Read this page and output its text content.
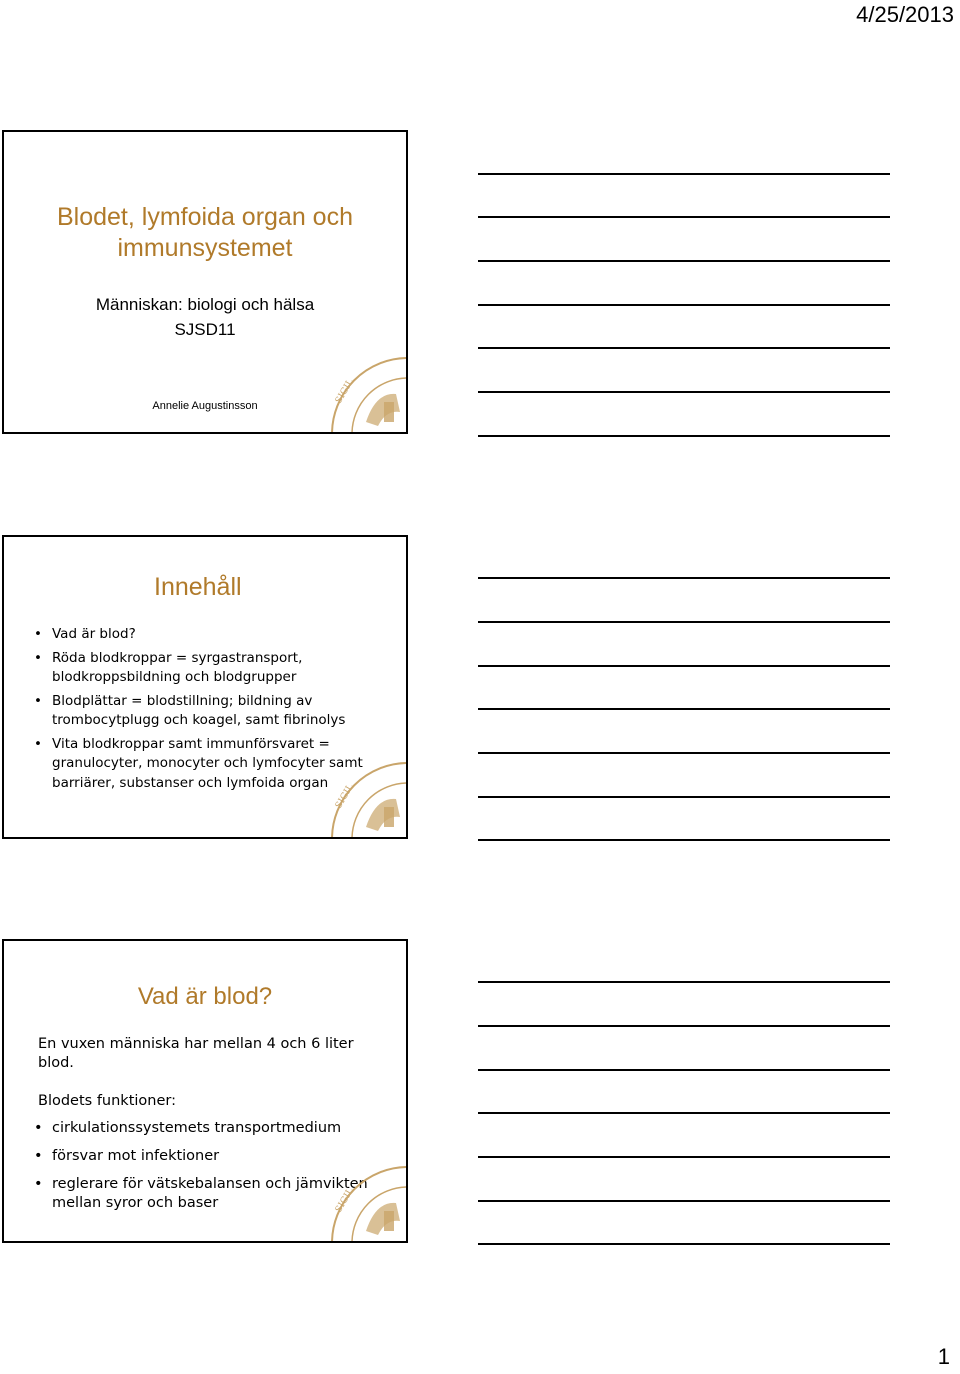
4/25/2013
Blodet, lymfoida organ och
immunsystemet
Människan: biologi och hälsa
SJSD11
Annelie Augustinsson
SIGIL
Innehåll
• Vad är blod?
• Röda blodkroppar = syrgastransport, blodkroppsbildning och blodgrupper
• Blodplättar = blodstillning; bildning av trombocytplugg och koagel, samt fibrinolys
• Vita blodkroppar samt immunförsvaret = granulocyter, monocyter och lymfocyter samt barriärer, substanser och lymfoida organ
SIGIL
Vad är blod?
En vuxen människa har mellan 4 och 6 liter blod.
Blodets funktioner:
• cirkulationssystemets transportmedium
• försvar mot infektioner
• reglerare för vätskebalansen och jämvikten mellan syror och baser	SIGIL
1
